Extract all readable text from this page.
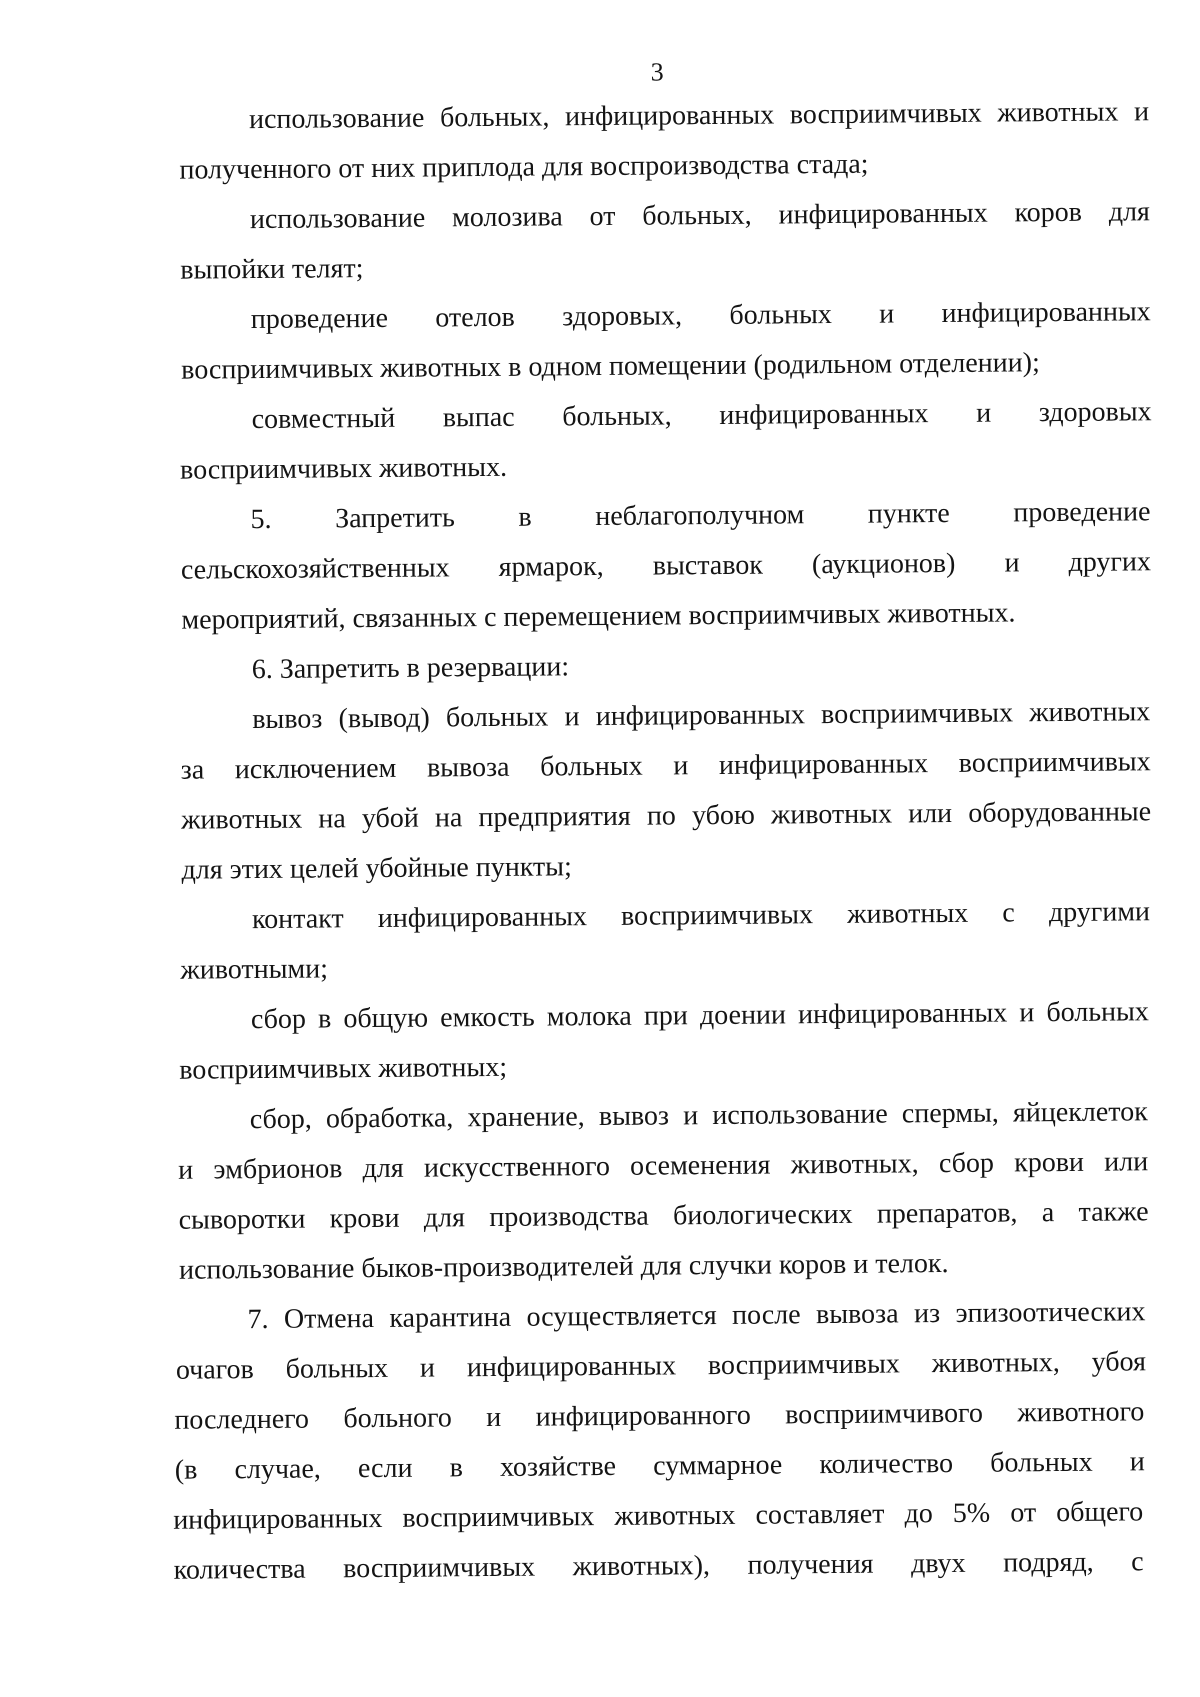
3
использование больных, инфицированных восприимчивых животных и
полученного от них приплода для воспроизводства стада;
использование молозива от больных, инфицированных коров для
выпойки телят;
проведение отелов здоровых, больных и инфицированных
восприимчивых животных в одном помещении (родильном отделении);
совместный выпас больных, инфицированных и здоровых
восприимчивых животных.
5. Запретить в неблагополучном пункте проведение
сельскохозяйственных ярмарок, выставок (аукционов) и других
мероприятий, связанных с перемещением восприимчивых животных.
6. Запретить в резервации:
вывоз (вывод) больных и инфицированных восприимчивых животных
за исключением вывоза больных и инфицированных восприимчивых
животных на убой на предприятия по убою животных или оборудованные
для этих целей убойные пункты;
контакт инфицированных восприимчивых животных с другими
животными;
сбор в общую емкость молока при доении инфицированных и больных
восприимчивых животных;
сбор, обработка, хранение, вывоз и использование спермы, яйцеклеток
и эмбрионов для искусственного осеменения животных, сбор крови или
сыворотки крови для производства биологических препаратов, а также
использование быков-производителей для случки коров и телок.
7. Отмена карантина осуществляется после вывоза из эпизоотических
очагов больных и инфицированных восприимчивых животных, убоя
последнего больного и инфицированного восприимчивого животного
(в случае, если в хозяйстве суммарное количество больных и
инфицированных восприимчивых животных составляет до 5% от общего
количества восприимчивых животных), получения двух подряд, с
